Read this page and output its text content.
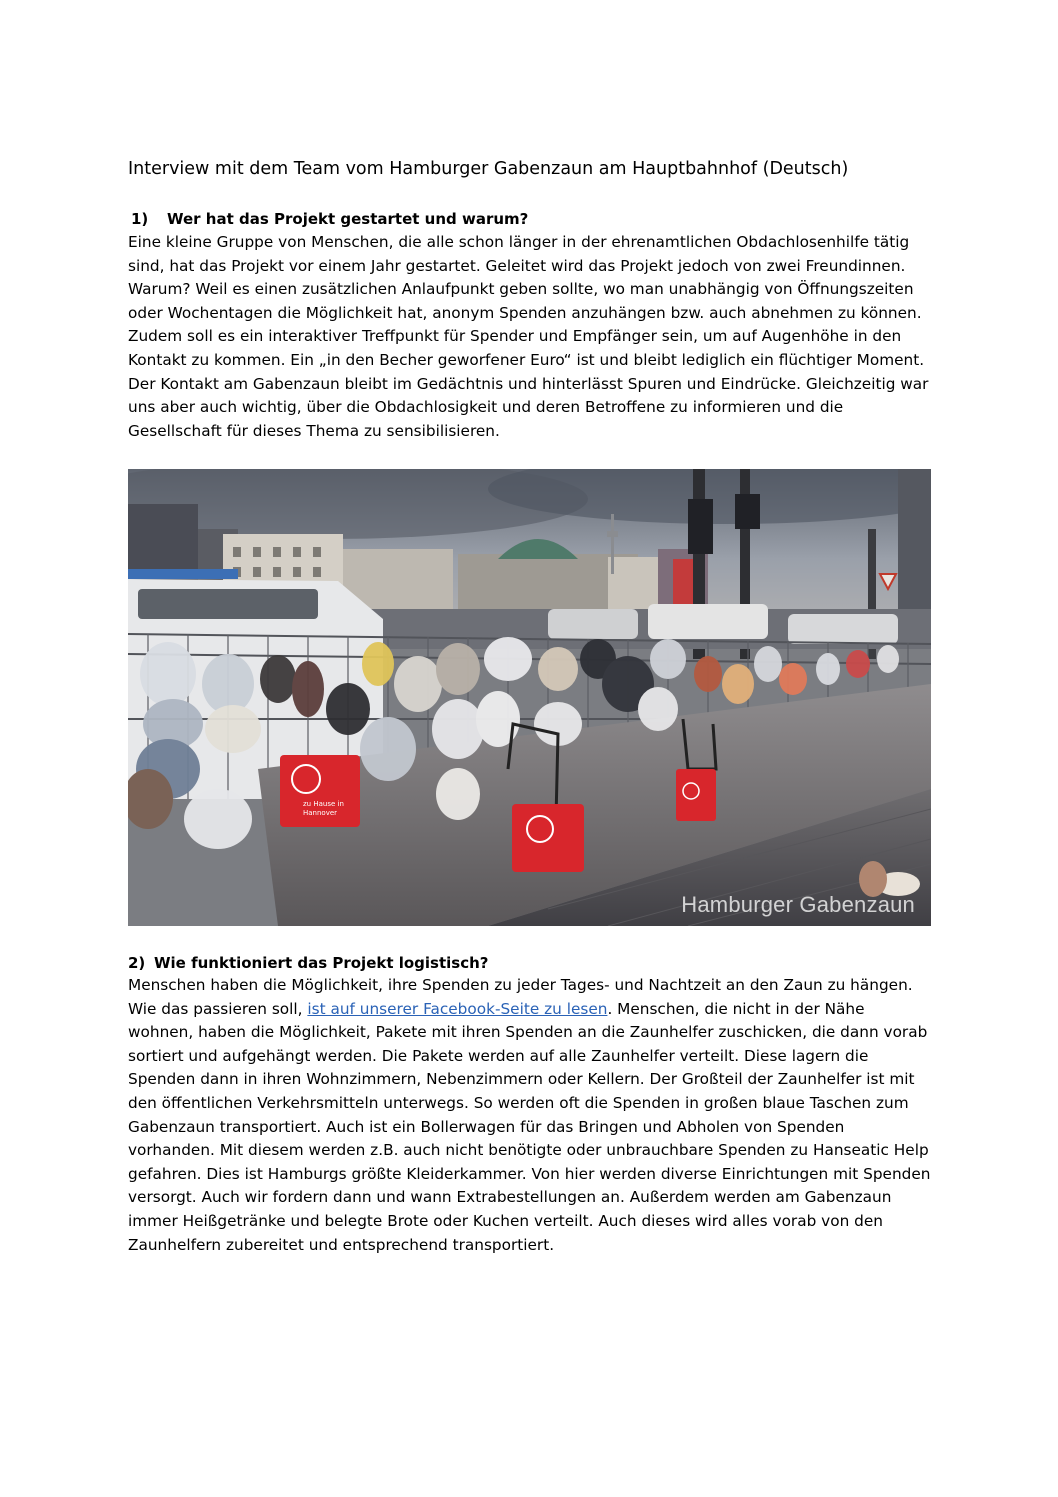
Interview mit dem Team vom Hamburger Gabenzaun am Hauptbahnhof (Deutsch)
1) Wer hat das Projekt gestartet und warum?

Eine kleine Gruppe von Menschen, die alle schon länger in der ehrenamtlichen Obdachlosenhilfe tätig sind, hat das Projekt vor einem Jahr gestartet. Geleitet wird das Projekt jedoch von zwei Freundinnen. Warum? Weil es einen zusätzlichen Anlaufpunkt geben sollte, wo man unabhängig von Öffnungszeiten oder Wochentagen die Möglichkeit hat, anonym Spenden anzuhängen bzw. auch abnehmen zu können. Zudem soll es ein interaktiver Treffpunkt für Spender und Empfänger sein, um auf Augenhöhe in den Kontakt zu kommen. Ein „in den Becher geworfener Euro“ ist und bleibt lediglich ein flüchtiger Moment. Der Kontakt am Gabenzaun bleibt im Gedächtnis und hinterlässt Spuren und Eindrücke. Gleichzeitig war uns aber auch wichtig, über die Obdachlosigkeit und deren Betroffene zu informieren und die Gesellschaft für dieses Thema zu sensibilisieren.

zu Hause in
Hannover
Hamburger Gabenzaun
2) Wie funktioniert das Projekt logistisch?

Menschen haben die Möglichkeit, ihre Spenden zu jeder Tages- und Nachtzeit an den Zaun zu hängen. Wie das passieren soll, ist auf unserer Facebook-Seite zu lesen. Menschen, die nicht in der Nähe wohnen, haben die Möglichkeit, Pakete mit ihren Spenden an die Zaunhelfer zuschicken, die dann vorab sortiert und aufgehängt werden. Die Pakete werden auf alle Zaunhelfer verteilt. Diese lagern die Spenden dann in ihren Wohnzimmern, Nebenzimmern oder Kellern. Der Großteil der Zaunhelfer ist mit den öffentlichen Verkehrsmitteln unterwegs. So werden oft die Spenden in großen blaue Taschen zum Gabenzaun transportiert. Auch ist ein Bollerwagen für das Bringen und Abholen von Spenden vorhanden. Mit diesem werden z.B. auch nicht benötigte oder unbrauchbare Spenden zu Hanseatic Help gefahren. Dies ist Hamburgs größte Kleiderkammer. Von hier werden diverse Einrichtungen mit Spenden versorgt. Auch wir fordern dann und wann Extrabestellungen an. Außerdem werden am Gabenzaun immer Heißgetränke und belegte Brote oder Kuchen verteilt. Auch dieses wird alles vorab von den Zaunhelfern zubereitet und entsprechend transportiert.
